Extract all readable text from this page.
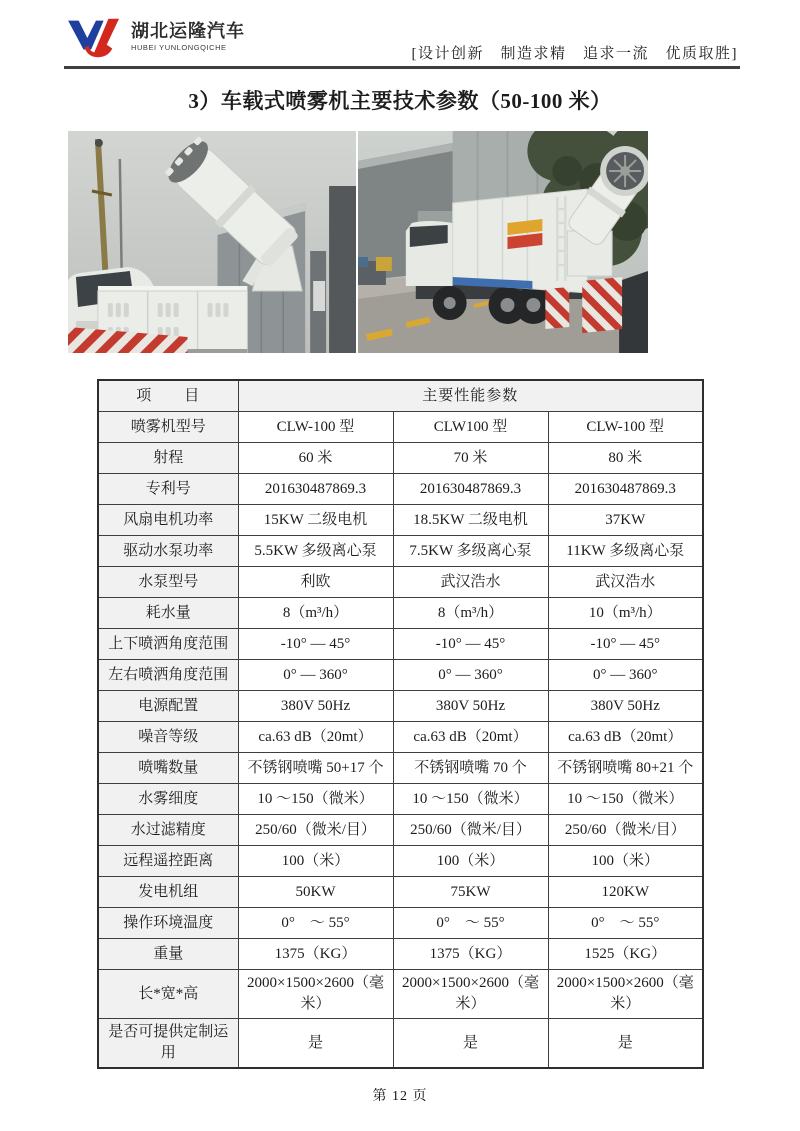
湖北运隆汽车
HUBEI YUNLONGQICHE	[设计创新　制造求精　追求一流　优质取胜]
3）车载式喷雾机主要技术参数（50-100 米）
项　　目	主要性能参数		
喷雾机型号	CLW-100 型	CLW100 型	CLW-100 型
射程	60 米	70 米	80 米
专利号	201630487869.3	201630487869.3	201630487869.3
风扇电机功率	15KW 二级电机	18.5KW 二级电机	37KW
驱动水泵功率	5.5KW 多级离心泵	7.5KW 多级离心泵	11KW 多级离心泵
水泵型号	利欧	武汉浩水	武汉浩水
耗水量	8（m³/h）	8（m³/h）	10（m³/h）
上下喷洒角度范围	-10° — 45°	-10° — 45°	-10° — 45°
左右喷洒角度范围	0° — 360°	0° — 360°	0° — 360°
电源配置	380V 50Hz	380V 50Hz	380V 50Hz
噪音等级	ca.63 dB（20mt）	ca.63 dB（20mt）	ca.63 dB（20mt）
喷嘴数量	不锈钢喷嘴 50+17 个	不锈钢喷嘴 70 个	不锈钢喷嘴 80+21 个
水雾细度	10 ～150（微米）	10 ～150（微米）	10 ～150（微米）
水过滤精度	250/60（微米/目）	250/60（微米/目）	250/60（微米/目）
远程遥控距离	100（米）	100（米）	100（米）
发电机组	50KW	75KW	120KW
操作环境温度	0°　～ 55°	0°　～ 55°	0°　～ 55°
重量	1375（KG）	1375（KG）	1525（KG）
长*宽*高	2000×1500×2600（毫米）	2000×1500×2600（毫米）	2000×1500×2600（毫米）
是否可提供定制运用	是	是	是
第 12 页
